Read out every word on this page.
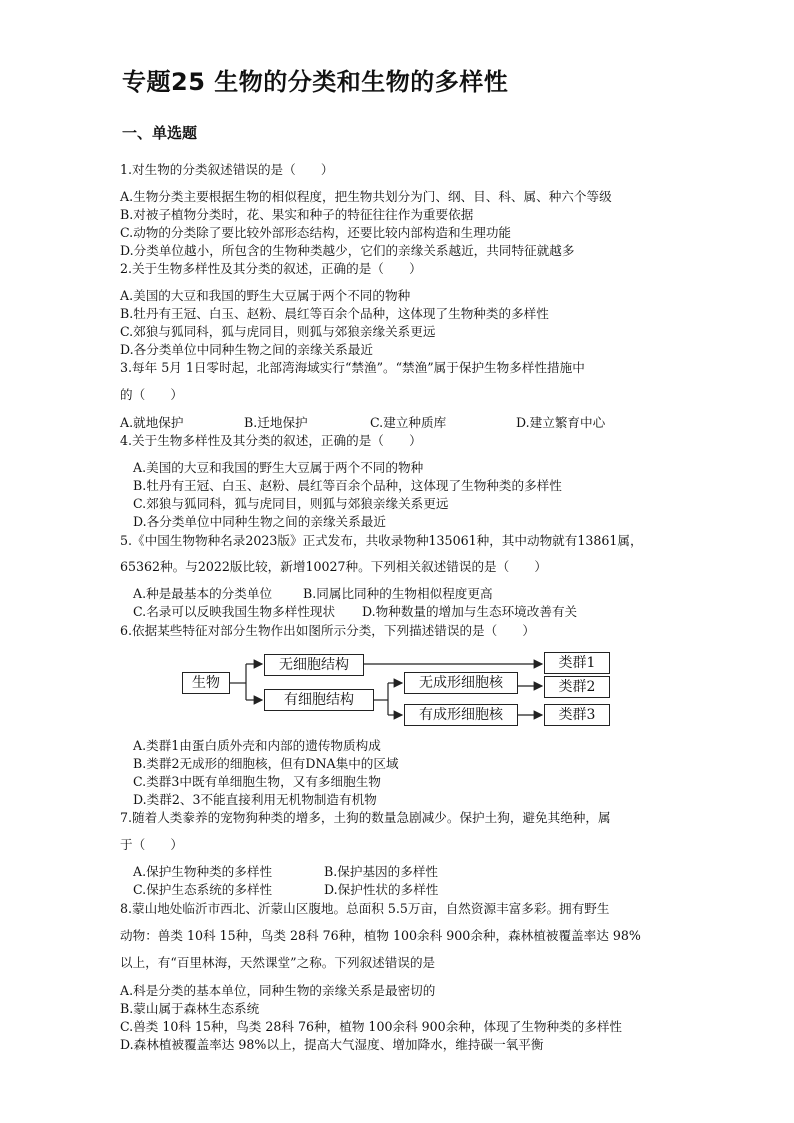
专题25 生物的分类和生物的多样性
一、单选题
1.对生物的分类叙述错误的是（　　）
A.生物分类主要根据生物的相似程度，把生物共划分为门、纲、目、科、属、种六个等级
B.对被子植物分类时，花、果实和种子的特征往往作为重要依据
C.动物的分类除了要比较外部形态结构，还要比较内部构造和生理功能
D.分类单位越小，所包含的生物种类越少，它们的亲缘关系越近，共同特征就越多
2.关于生物多样性及其分类的叙述，正确的是（　　）
A.美国的大豆和我国的野生大豆属于两个不同的物种
B.牡丹有王冠、白玉、赵粉、晨红等百余个品种，这体现了生物种类的多样性
C.郊狼与狐同科，狐与虎同目，则狐与郊狼亲缘关系更远
D.各分类单位中同种生物之间的亲缘关系最近
3.每年 5月 1日零时起，北部湾海域实行“禁渔”。“禁渔”属于保护生物多样性措施中
的（　　）
A.就地保护	B.迁地保护	C.建立种质库	D.建立繁育中心
4.关于生物多样性及其分类的叙述，正确的是（　　）
A.美国的大豆和我国的野生大豆属于两个不同的物种
B.牡丹有王冠、白玉、赵粉、晨红等百余个品种，这体现了生物种类的多样性
C.郊狼与狐同科，狐与虎同目，则狐与郊狼亲缘关系更远
D.各分类单位中同种生物之间的亲缘关系最近
5.《中国生物物种名录2023版》正式发布，共收录物种135061种，其中动物就有13861属，
65362种。与2022版比较，新增10027种。下列相关叙述错误的是（　　）
A.种是最基本的分类单位 B.同属比同种的生物相似程度更高
C.名录可以反映我国生物多样性现状 D.物种数量的增加与生态环境改善有关
6.依据某些特征对部分生物作出如图所示分类，下列描述错误的是（　　）
生物
无细胞结构
有细胞结构
无成形细胞核
有成形细胞核
类群1
类群2
类群3
A.类群1由蛋白质外壳和内部的遗传物质构成
B.类群2无成形的细胞核，但有DNA集中的区域
C.类群3中既有单细胞生物，又有多细胞生物
D.类群2、3不能直接利用无机物制造有机物
7.随着人类豢养的宠物狗种类的增多，土狗的数量急剧减少。保护土狗，避免其绝种，属
于（　　）
A.保护生物种类的多样性	B.保护基因的多样性
C.保护生态系统的多样性	D.保护性状的多样性
8.蒙山地处临沂市西北、沂蒙山区腹地。总面积 5.5万亩，自然资源丰富多彩。拥有野生
动物：兽类 10科 15种，鸟类 28科 76种，植物 100余科 900余种，森林植被覆盖率达 98%
以上，有“百里林海，天然课堂”之称。下列叙述错误的是
A.科是分类的基本单位，同种生物的亲缘关系是最密切的
B.蒙山属于森林生态系统
C.兽类 10科 15种，鸟类 28科 76种，植物 100余科 900余种，体现了生物种类的多样性
D.森林植被覆盖率达 98%以上，提高大气湿度、增加降水，维持碳一氧平衡
